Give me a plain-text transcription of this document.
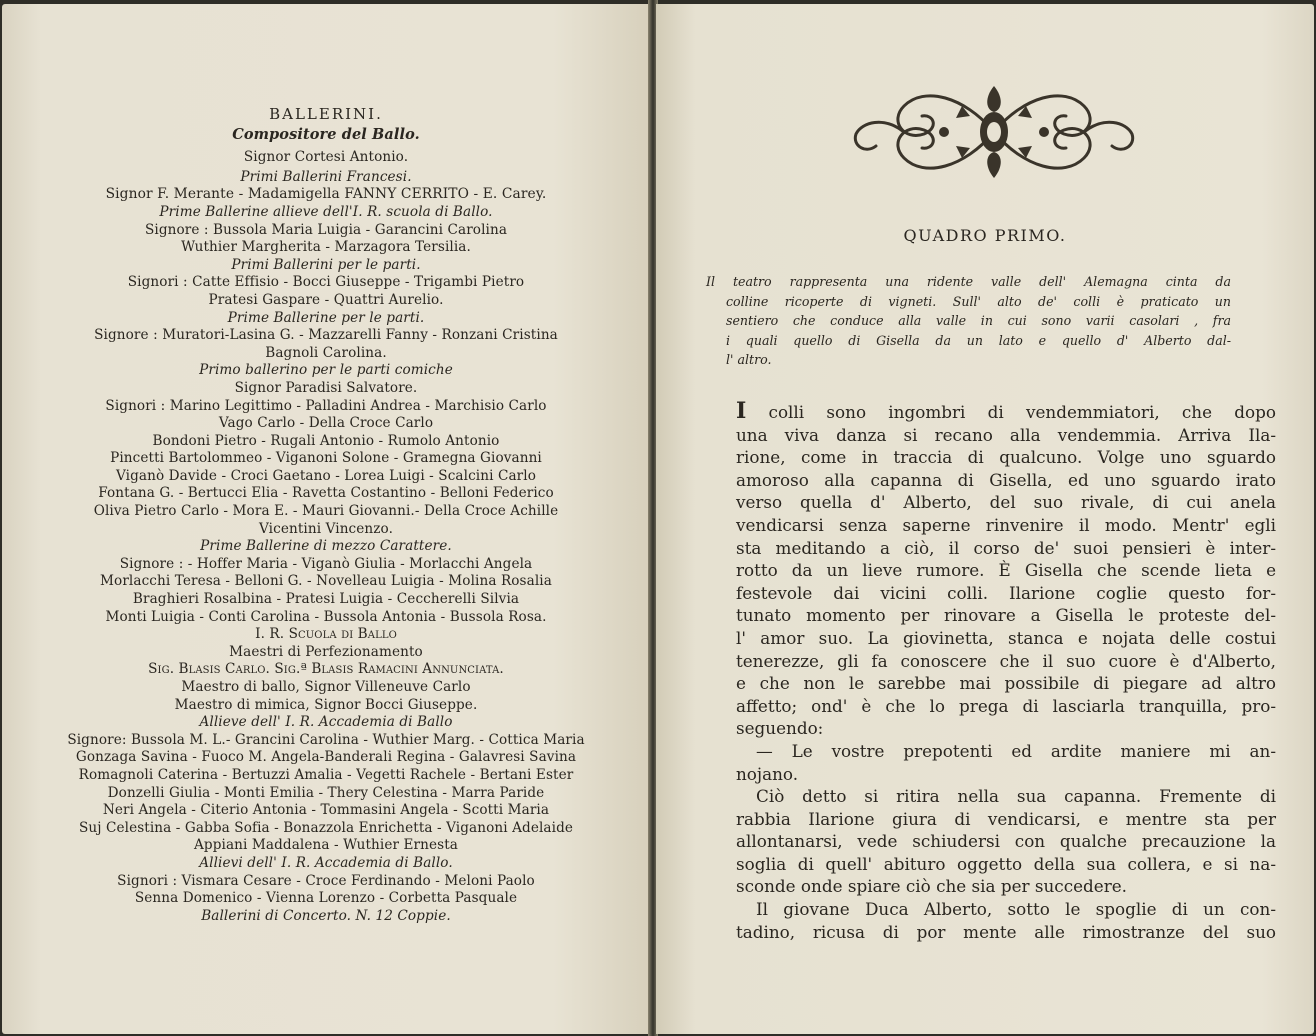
BALLERINI.
Compositore del Ballo.
Signor Cortesi Antonio.
Primi Ballerini Francesi.
Signor F. Merante - Madamigella FANNY CERRITO - E. Carey.
Prime Ballerine allieve dell'I. R. scuola di Ballo.
Signore : Bussola Maria Luigia - Garancini Carolina
Wuthier Margherita - Marzagora Tersilia.
Primi Ballerini per le parti.
Signori : Catte Effisio - Bocci Giuseppe - Trigambi Pietro
Pratesi Gaspare - Quattri Aurelio.
Prime Ballerine per le parti.
Signore : Muratori-Lasina G. - Mazzarelli Fanny - Ronzani Cristina
Bagnoli Carolina.
Primo ballerino per le parti comiche
Signor Paradisi Salvatore.
Signori : Marino Legittimo - Palladini Andrea - Marchisio Carlo
Vago Carlo - Della Croce Carlo
Bondoni Pietro - Rugali Antonio - Rumolo Antonio
Pincetti Bartolommeo - Viganoni Solone - Gramegna Giovanni
Viganò Davide - Croci Gaetano - Lorea Luigi - Scalcini Carlo
Fontana G. - Bertucci Elia - Ravetta Costantino - Belloni Federico
Oliva Pietro Carlo - Mora E. - Mauri Giovanni.- Della Croce Achille
Vicentini Vincenzo.
Prime Ballerine di mezzo Carattere.
Signore : - Hoffer Maria - Viganò Giulia - Morlacchi Angela
Morlacchi Teresa - Belloni G. - Novelleau Luigia - Molina Rosalia
Braghieri Rosalbina - Pratesi Luigia - Ceccherelli Silvia
Monti Luigia - Conti Carolina - Bussola Antonia - Bussola Rosa.
I. R. Scuola di Ballo
Maestri di Perfezionamento
Sig. Blasis Carlo. Sig.ª Blasis Ramacini Annunciata.
Maestro di ballo, Signor Villeneuve Carlo
Maestro di mimica, Signor Bocci Giuseppe.
Allieve dell' I. R. Accademia di Ballo
Signore: Bussola M. L.- Grancini Carolina - Wuthier Marg. - Cottica Maria
Gonzaga Savina - Fuoco M. Angela-Banderali Regina - Galavresi Savina
Romagnoli Caterina - Bertuzzi Amalia - Vegetti Rachele - Bertani Ester
Donzelli Giulia - Monti Emilia - Thery Celestina - Marra Paride
Neri Angela - Citerio Antonia - Tommasini Angela - Scotti Maria
Suj Celestina - Gabba Sofia - Bonazzola Enrichetta - Viganoni Adelaide
Appiani Maddalena - Wuthier Ernesta
Allievi dell' I. R. Accademia di Ballo.
Signori : Vismara Cesare - Croce Ferdinando - Meloni Paolo
Senna Domenico - Vienna Lorenzo - Corbetta Pasquale
Ballerini di Concerto. N. 12 Coppie.
QUADRO PRIMO.
Il teatro rappresenta una ridente valle dell' Alemagna cinta da
colline ricoperte di vigneti. Sull' alto de' colli è praticato un
sentiero che conduce alla valle in cui sono varii casolari , fra
i quali quello di Gisella da un lato e quello d' Alberto dal-
l' altro.
I colli sono ingombri di vendemmiatori, che dopo
una viva danza si recano alla vendemmia. Arriva Ila-
rione, come in traccia di qualcuno. Volge uno sguardo
amoroso alla capanna di Gisella, ed uno sguardo irato
verso quella d' Alberto, del suo rivale, di cui anela
vendicarsi senza saperne rinvenire il modo. Mentr' egli
sta meditando a ciò, il corso de' suoi pensieri è inter-
rotto da un lieve rumore. È Gisella che scende lieta e
festevole dai vicini colli. Ilarione coglie questo for-
tunato momento per rinovare a Gisella le proteste del-
l' amor suo. La giovinetta, stanca e nojata delle costui
tenerezze, gli fa conoscere che il suo cuore è d'Alberto,
e che non le sarebbe mai possibile di piegare ad altro
affetto; ond' è che lo prega di lasciarla tranquilla, pro-
seguendo:
— Le vostre prepotenti ed ardite maniere mi an-
nojano.
Ciò detto si ritira nella sua capanna. Fremente di
rabbia Ilarione giura di vendicarsi, e mentre sta per
allontanarsi, vede schiudersi con qualche precauzione la
soglia di quell' abituro oggetto della sua collera, e si na-
sconde onde spiare ciò che sia per succedere.
Il giovane Duca Alberto, sotto le spoglie di un con-
tadino, ricusa di por mente alle rimostranze del suo
